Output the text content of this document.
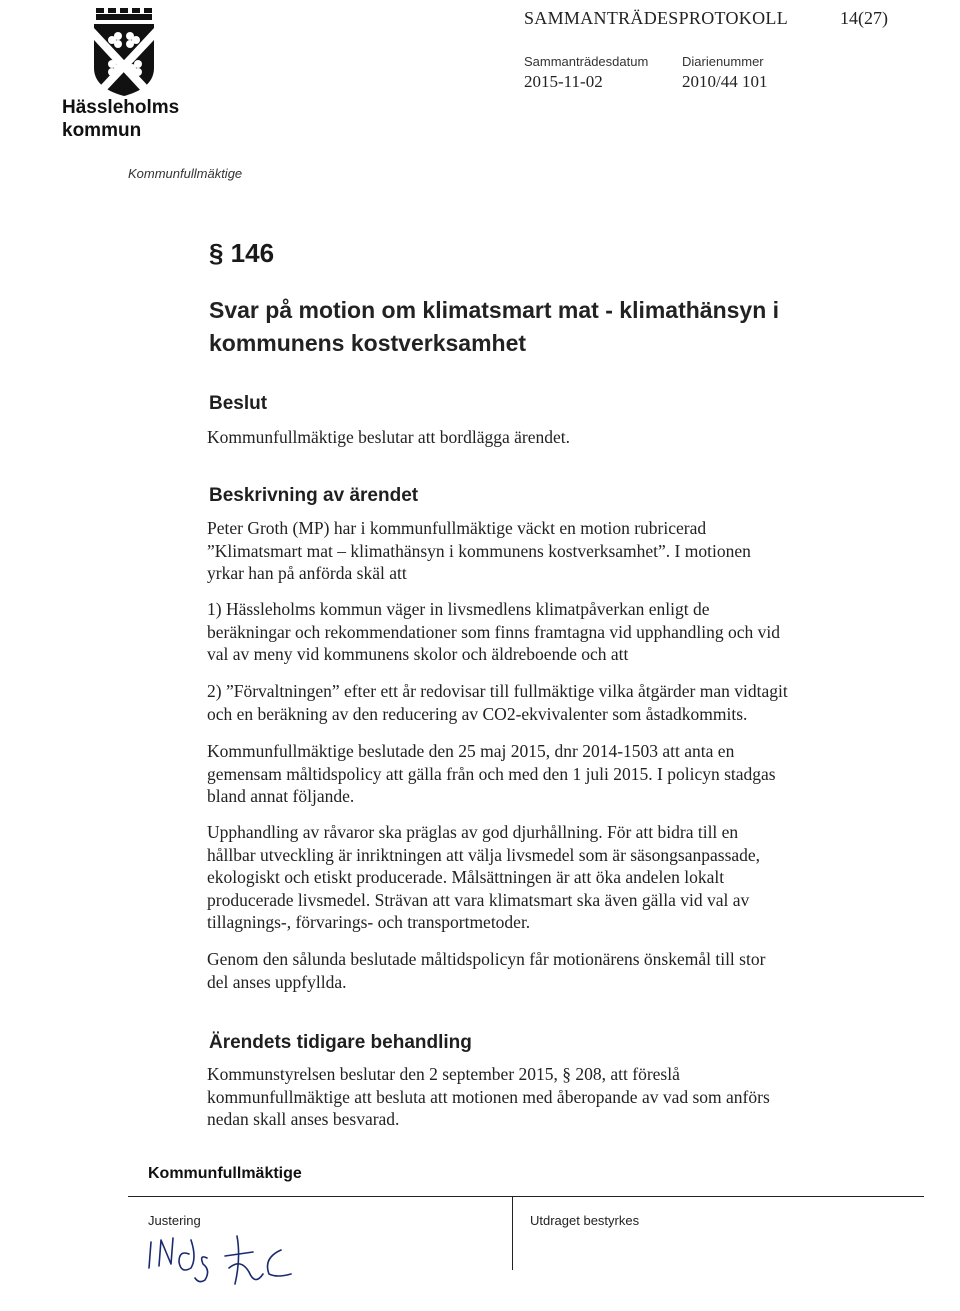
Hässleholms
kommun
SAMMANTRÄDESPROTOKOLL	14(27)
Sammanträdesdatum
2015-11-02
Diarienummer
2010/44 101
Kommunfullmäktige
§ 146
Svar på motion om klimatsmart mat - klimathänsyn i
kommunens kostverksamhet
Beslut
Kommunfullmäktige beslutar att bordlägga ärendet.
Beskrivning av ärendet
Peter Groth (MP) har i kommunfullmäktige väckt en motion rubricerad
”Klimatsmart mat – klimathänsyn i kommunens kostverksamhet”. I motionen
yrkar han på anförda skäl att
1) Hässleholms kommun väger in livsmedlens klimatpåverkan enligt de
beräkningar och rekommendationer som finns framtagna vid upphandling och vid
val av meny vid kommunens skolor och äldreboende och att
2) ”Förvaltningen” efter ett år redovisar till fullmäktige vilka åtgärder man vidtagit
och en beräkning av den reducering av CO2-ekvivalenter som åstadkommits.
Kommunfullmäktige beslutade den 25 maj 2015, dnr 2014-1503 att anta en
gemensam måltidspolicy att gälla från och med den 1 juli 2015. I policyn stadgas
bland annat följande.
Upphandling av råvaror ska präglas av god djurhållning. För att bidra till en
hållbar utveckling är inriktningen att välja livsmedel som är säsongsanpassade,
ekologiskt och etiskt producerade. Målsättningen är att öka andelen lokalt
producerade livsmedel. Strävan att vara klimatsmart ska även gälla vid val av
tillagnings-, förvarings- och transportmetoder.
Genom den sålunda beslutade måltidspolicyn får motionärens önskemål till stor
del anses uppfyllda.
Ärendets tidigare behandling
Kommunstyrelsen beslutar den 2 september 2015, § 208, att föreslå
kommunfullmäktige att besluta att motionen med åberopande av vad som anförs
nedan skall anses besvarad.
Kommunfullmäktige
Justering	Utdraget bestyrkes
